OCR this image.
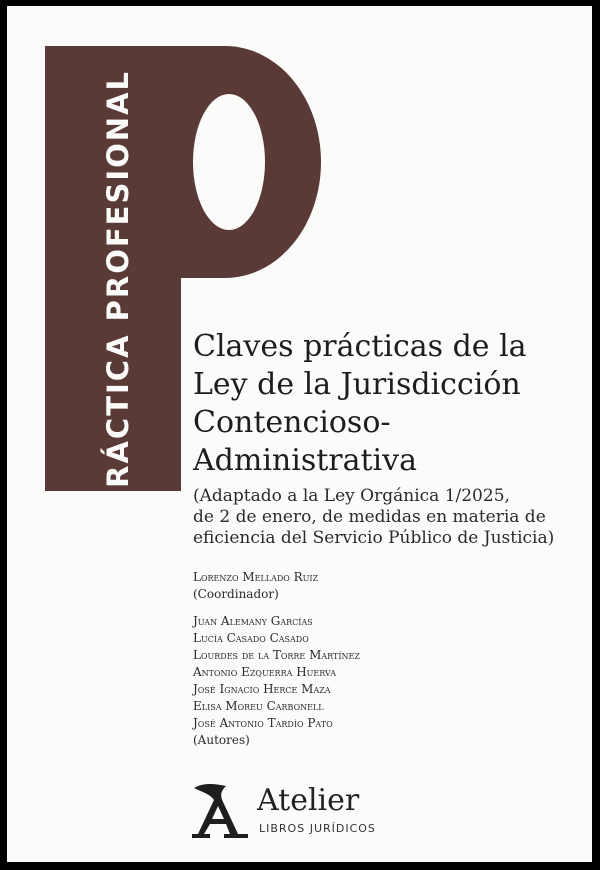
PRÁCTICA PROFESIONAL Claves prácticas de la
Ley de la Jurisdicción
Contencioso-
Administrativa

(Adaptado a la Ley Orgánica 1/2025,
de 2 de enero, de medidas en materia de
eficiencia del Servicio Público de Justicia)

Lorenzo Mellado Ruiz
(Coordinador)
Juan Alemany Garcías
Lucía Casado Casado
Lourdes de la Torre Martínez
Antonio Ezquerra Huerva
José Ignacio Herce Maza
Elisa Moreu Carbonell
José Antonio Tardío Pato
(Autores)
Atelier
LIBROS JURÍDICOS
